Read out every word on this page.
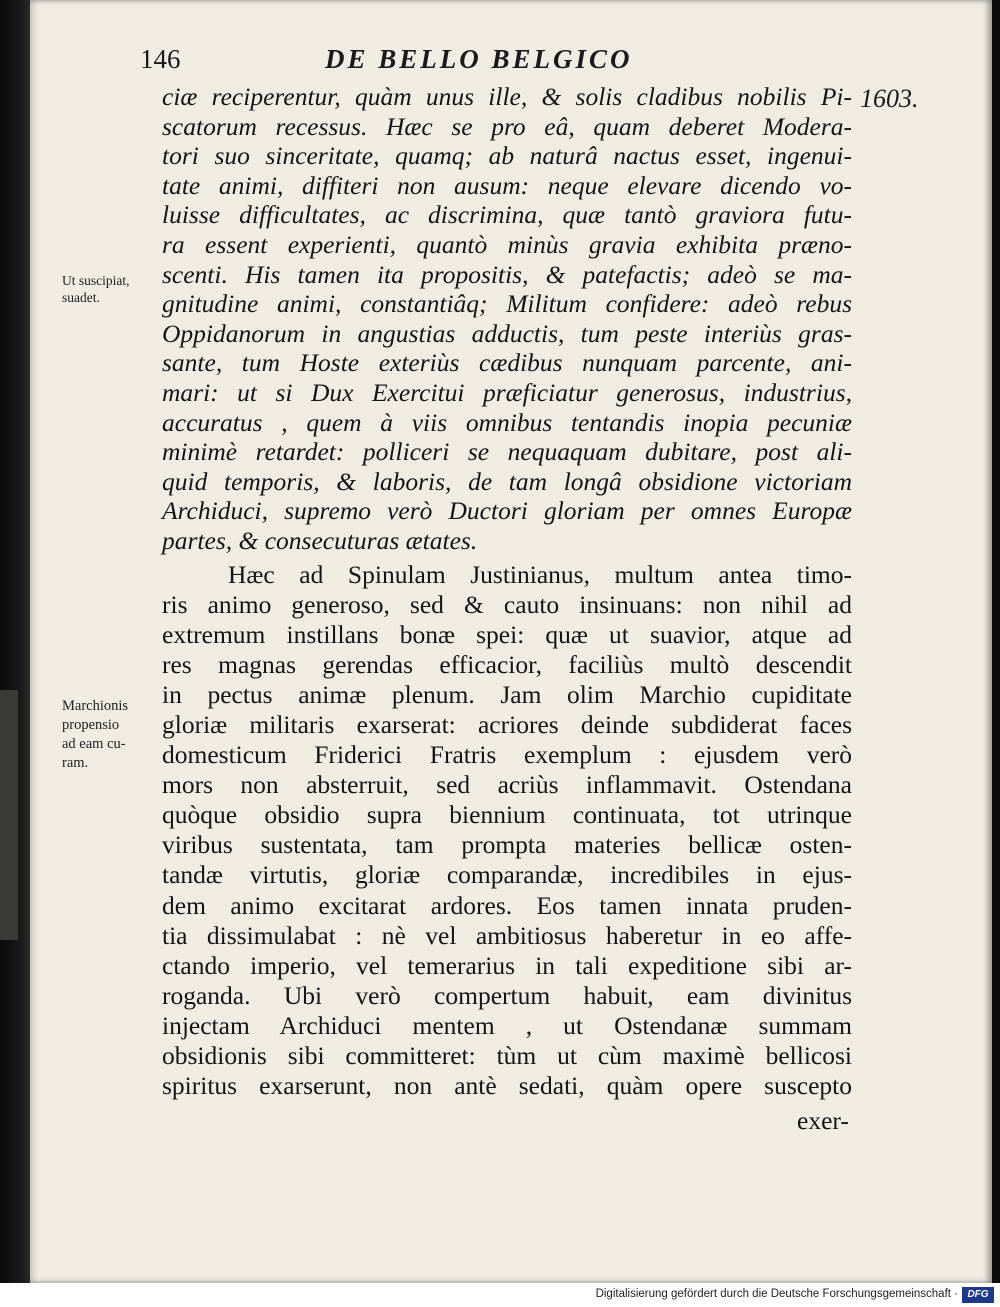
146	DE BELLO BELGICO
1603.
ciæ reciperentur, quàm unus ille, & solis cladibus nobilis Pi-
scatorum recessus. Hæc se pro eâ, quam deberet Modera-
tori suo sinceritate, quamq; ab naturâ nactus esset, ingenui-
tate animi, diffiteri non ausum: neque elevare dicendo vo-
luisse difficultates, ac discrimina, quæ tantò graviora futu-
ra essent experienti, quantò minùs gravia exhibita præno-
scenti. His tamen ita propositis, & patefactis; adeò se ma-
gnitudine animi, constantiâq; Militum confidere: adeò rebus
Oppidanorum in angustias adductis, tum peste interiùs gras-
sante, tum Hoste exteriùs cædibus nunquam parcente, ani-
mari: ut si Dux Exercitui præficiatur generosus, industrius,
accuratus , quem à viis omnibus tentandis inopia pecuniæ
minimè retardet: polliceri se nequaquam dubitare, post ali-
quid temporis, & laboris, de tam longâ obsidione victoriam
Archiduci, supremo verò Ductori gloriam per omnes Europæ
partes, & consecuturas ætates.
Hæc ad Spinulam Justinianus, multum antea timo-
ris animo generoso, sed & cauto insinuans: non nihil ad
extremum instillans bonæ spei: quæ ut suavior, atque ad
res magnas gerendas efficacior, faciliùs multò descendit
in pectus animæ plenum. Jam olim Marchio cupiditate
gloriæ militaris exarserat: acriores deinde subdiderat faces
domesticum Friderici Fratris exemplum : ejusdem verò
mors non absterruit, sed acriùs inflammavit. Ostendana
quòque obsidio supra biennium continuata, tot utrinque
viribus sustentata, tam prompta materies bellicæ osten-
tandæ virtutis, gloriæ comparandæ, incredibiles in ejus-
dem animo excitarat ardores. Eos tamen innata pruden-
tia dissimulabat : nè vel ambitiosus haberetur in eo affe-
ctando imperio, vel temerarius in tali expeditione sibi ar-
roganda. Ubi verò compertum habuit, eam divinitus
injectam Archiduci mentem , ut Ostendanæ summam
obsidionis sibi committeret: tùm ut cùm maximè bellicosi
spiritus exarserunt, non antè sedati, quàm opere suscepto
exer-
Ut suscipiat,
suadet.
Marchionis
propensio
ad eam cu-
ram.
Digitalisierung gefördert durch die Deutsche Forschungsgemeinschaft · DFG
